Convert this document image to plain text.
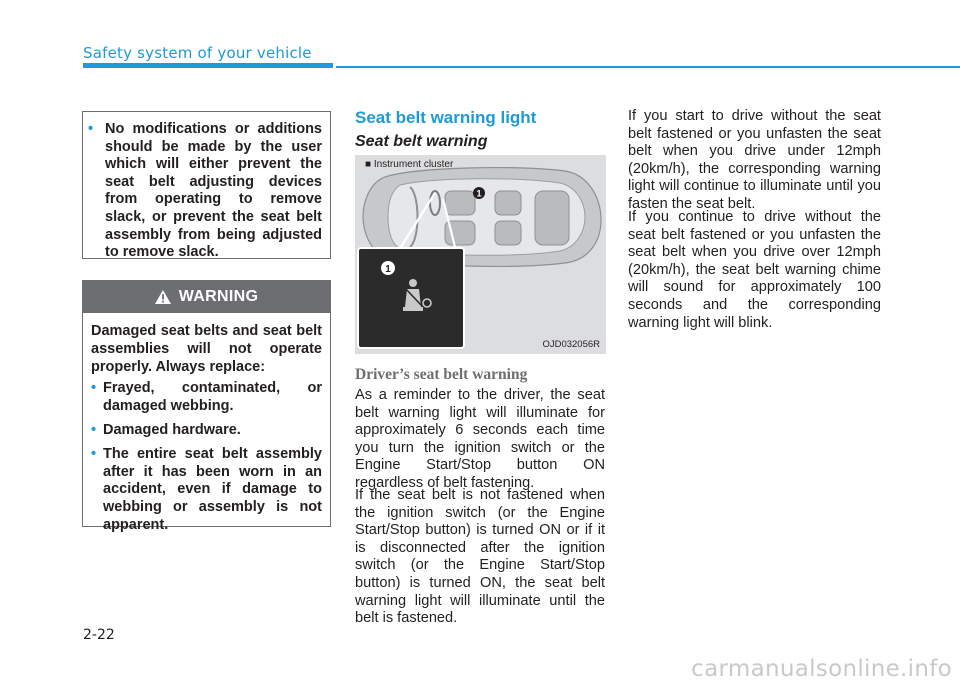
Safety system of your vehicle
• No modifications or additions should be made by the user which will either prevent the seat belt adjusting devices from operating to remove slack, or prevent the seat belt assembly from being adjusted to remove slack.
WARNING
Damaged seat belts and seat belt assemblies will not operate properly. Always replace:
• Frayed, contaminated, or damaged webbing.
• Damaged hardware.
• The entire seat belt assembly after it has been worn in an accident, even if damage to webbing or assembly is not apparent.
Seat belt warning light
Seat belt warning
1
1
■ Instrument cluster
OJD032056R
Driver’s seat belt warning
As a reminder to the driver, the seat belt warning light will illuminate for approximately 6 seconds each time you turn the ignition switch or the Engine Start/Stop button ON regardless of belt fastening.
If the seat belt is not fastened when the ignition switch (or the Engine Start/Stop button) is turned ON or if it is disconnected after the ignition switch (or the Engine Start/Stop button) is turned ON, the seat belt warning light will illuminate until the belt is fastened.
If you start to drive without the seat belt fastened or you unfasten the seat belt when you drive under 12mph (20km/h), the corresponding warning light will continue to illuminate until you fasten the seat belt.
If you continue to drive without the seat belt fastened or you unfasten the seat belt when you drive over 12mph (20km/h), the seat belt warning chime will sound for approximately 100 seconds and the corresponding warning light will blink.
2-22
carmanualsonline.info
